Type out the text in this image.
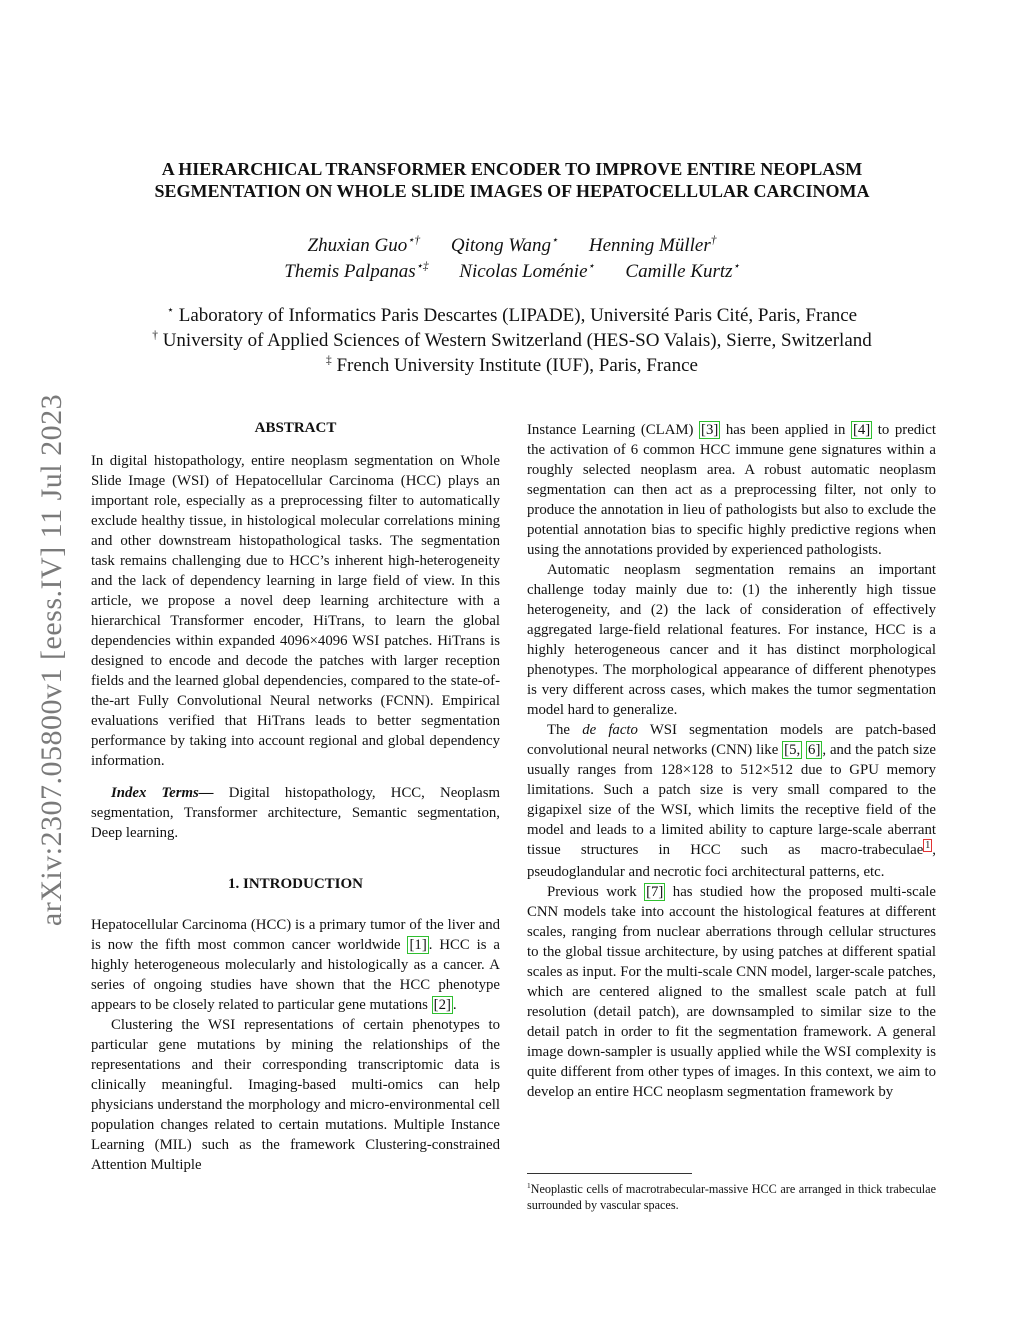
arXiv:2307.05800v1 [eess.IV] 11 Jul 2023
A HIERARCHICAL TRANSFORMER ENCODER TO IMPROVE ENTIRE NEOPLASM
SEGMENTATION ON WHOLE SLIDE IMAGES OF HEPATOCELLULAR CARCINOMA
Zhuxian Guo⋆† Qitong Wang⋆ Henning Müller†
Themis Palpanas⋆‡ Nicolas Loménie⋆ Camille Kurtz⋆
⋆ Laboratory of Informatics Paris Descartes (LIPADE), Université Paris Cité, Paris, France
† University of Applied Sciences of Western Switzerland (HES-SO Valais), Sierre, Switzerland
‡ French University Institute (IUF), Paris, France

ABSTRACT

In digital histopathology, entire neoplasm segmentation on Whole Slide Image (WSI) of Hepatocellular Carcinoma (HCC) plays an important role, especially as a preprocessing filter to automatically exclude healthy tissue, in histological molecular correlations mining and other downstream histopathological tasks. The segmentation task remains challenging due to HCC’s inherent high-heterogeneity and the lack of dependency learning in large field of view. In this article, we propose a novel deep learning architecture with a hierarchical Transformer encoder, HiTrans, to learn the global dependencies within expanded 4096×4096 WSI patches. HiTrans is designed to encode and decode the patches with larger reception fields and the learned global dependencies, compared to the state-of-the-art Fully Convolutional Neural networks (FCNN). Empirical evaluations verified that HiTrans leads to better segmentation performance by taking into account regional and global dependency information.

Index Terms— Digital histopathology, HCC, Neoplasm segmentation, Transformer architecture, Semantic segmentation, Deep learning.

1. INTRODUCTION

Hepatocellular Carcinoma (HCC) is a primary tumor of the liver and is now the fifth most common cancer worldwide [1] . HCC is a highly heterogeneous molecularly and histologically as a cancer. A series of ongoing studies have shown that the HCC phenotype appears to be closely related to particular gene mutations [2] .

Clustering the WSI representations of certain phenotypes to particular gene mutations by mining the relationships of the representations and their corresponding transcriptomic data is clinically meaningful. Imaging-based multi-omics can help physicians understand the morphology and micro-environmental cell population changes related to certain mutations. Multiple Instance Learning (MIL) such as the framework Clustering-constrained Attention Multiple

Instance Learning (CLAM) [3] has been applied in [4] to predict the activation of 6 common HCC immune gene signatures within a roughly selected neoplasm area. A robust automatic neoplasm segmentation can then act as a preprocessing filter, not only to produce the annotation in lieu of pathologists but also to exclude the potential annotation bias to specific highly predictive regions when using the annotations provided by experienced pathologists.

Automatic neoplasm segmentation remains an important challenge today mainly due to: (1) the inherently high tissue heterogeneity, and (2) the lack of consideration of effectively aggregated large-field relational features. For instance, HCC is a highly heterogeneous cancer and it has distinct morphological phenotypes. The morphological appearance of different phenotypes is very different across cases, which makes the tumor segmentation model hard to generalize.

The de facto WSI segmentation models are patch-based convolutional neural networks (CNN) like [5, 6] , and the patch size usually ranges from 128×128 to 512×512 due to GPU memory limitations. Such a patch size is very small compared to the gigapixel size of the WSI, which limits the receptive field of the model and leads to a limited ability to capture large-scale aberrant tissue structures in HCC such as macro-trabeculae $^1$ , pseudoglandular and necrotic foci architectural patterns, etc.

Previous work [7] has studied how the proposed multi-scale CNN models take into account the histological features at different scales, ranging from nuclear aberrations through cellular structures to the global tissue architecture, by using patches at different spatial scales as input. For the multi-scale CNN model, larger-scale patches, which are centered aligned to the smallest scale patch at full resolution (detail patch), are downsampled to similar size to the detail patch in order to fit the segmentation framework. A general image down-sampler is usually applied while the WSI complexity is quite different from other types of images. In this context, we aim to develop an entire HCC neoplasm segmentation framework by

$^1$Neoplastic cells of macrotrabecular-massive HCC are arranged in thick trabeculae surrounded by vascular spaces.
